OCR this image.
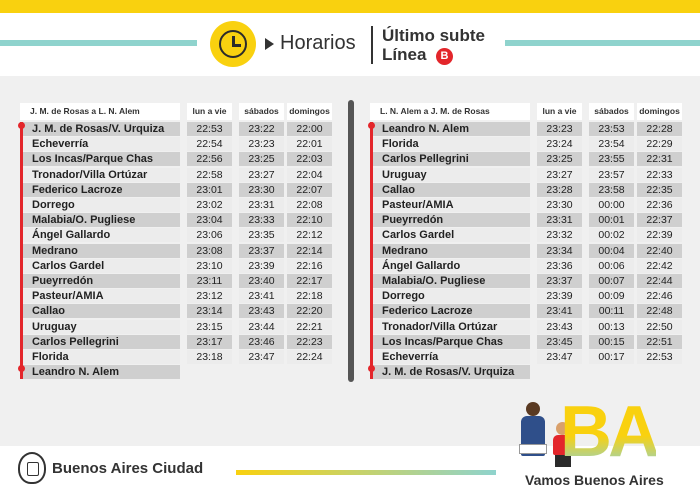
Horarios Último subte
Línea	B
J. M. de Rosas a L. N. Alem	lun a vie	sábados	domingos
J. M. de Rosas/V. Urquiza	22:53	23:22	22:00
Echeverría	22:54	23:23	22:01
Los Incas/Parque Chas	22:56	23:25	22:03
Tronador/Villa Ortúzar	22:58	23:27	22:04
Federico Lacroze	23:01	23:30	22:07
Dorrego	23:02	23:31	22:08
Malabia/O. Pugliese	23:04	23:33	22:10
Ángel Gallardo	23:06	23:35	22:12
Medrano	23:08	23:37	22:14
Carlos Gardel	23:10	23:39	22:16
Pueyrredón	23:11	23:40	22:17
Pasteur/AMIA	23:12	23:41	22:18
Callao	23:14	23:43	22:20
Uruguay	23:15	23:44	22:21
Carlos Pellegrini	23:17	23:46	22:23
Florida	23:18	23:47	22:24
Leandro N. Alem
L. N. Alem a J. M. de Rosas	lun a vie	sábados	domingos
Leandro N. Alem	23:23	23:53	22:28
Florida	23:24	23:54	22:29
Carlos Pellegrini	23:25	23:55	22:31
Uruguay	23:27	23:57	22:33
Callao	23:28	23:58	22:35
Pasteur/AMIA	23:30	00:00	22:36
Pueyrredón	23:31	00:01	22:37
Carlos Gardel	23:32	00:02	22:39
Medrano	23:34	00:04	22:40
Ángel Gallardo	23:36	00:06	22:42
Malabia/O. Pugliese	23:37	00:07	22:44
Dorrego	23:39	00:09	22:46
Federico Lacroze	23:41	00:11	22:48
Tronador/Villa Ortúzar	23:43	00:13	22:50
Los Incas/Parque Chas	23:45	00:15	22:51
Echeverría	23:47	00:17	22:53
J. M. de Rosas/V. Urquiza
Buenos Aires Ciudad	BA
Vamos Buenos Aires
